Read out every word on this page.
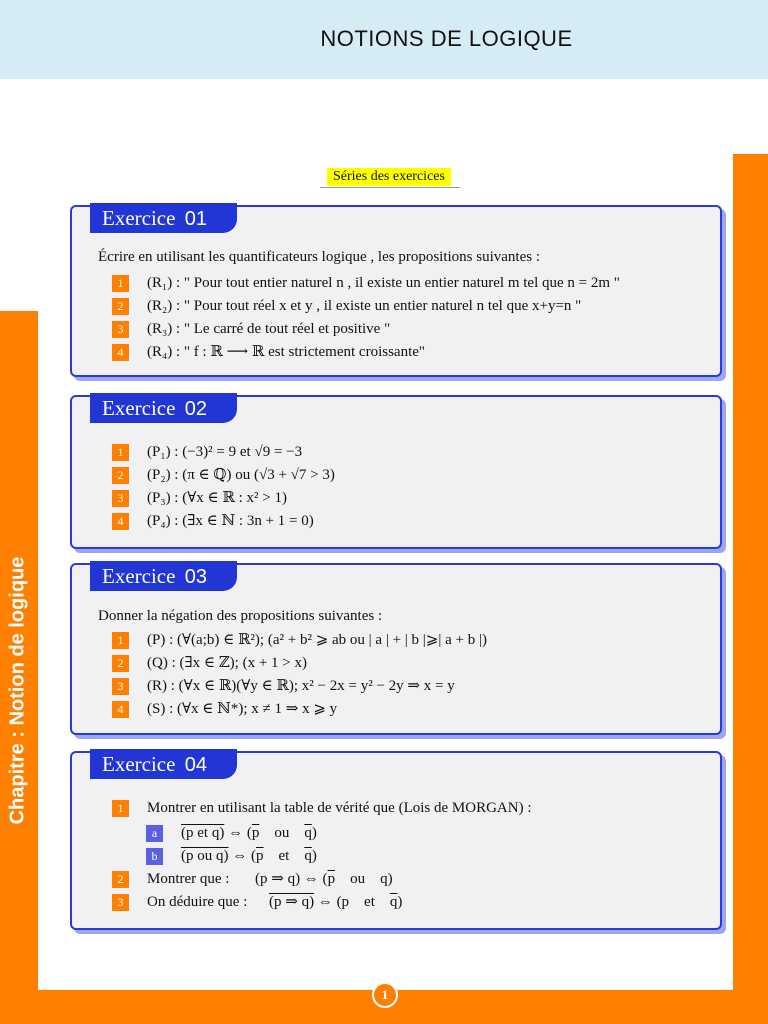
NOTIONS DE LOGIQUE
Chapitre : Notion de logique
Séries des exercices
Exercice 01
Écrire en utilisant les quantificateurs logique , les propositions suivantes :
1 (R₁) : " Pour tout entier naturel n , il existe un entier naturel m tel que n = 2m "
2 (R₂) : " Pour tout réel x et y , il existe un entier naturel n tel que x+y=n "
3 (R₃) : " Le carré de tout réel et positive "
4 (R₄) : " f : ℝ ⟶ ℝ est strictement croissante"
Exercice 02
1 (P₁) : (−3)² = 9 et √9 = −3
2 (P₂) : (π ∈ ℚ) ou (√3 + √7 > 3)
3 (P₃) : (∀x ∈ ℝ : x² > 1)
4 (P₄) : (∃x ∈ ℕ : 3n + 1 = 0)
Exercice 03
Donner la négation des propositions suivantes :
1 (P) : (∀(a;b) ∈ ℝ²); (a² + b² ⩾ ab ou | a | + | b |⩾| a + b |)
2 (Q) : (∃x ∈ ℤ); (x + 1 > x)
3 (R) : (∀x ∈ ℝ)(∀y ∈ ℝ); x² − 2x = y² − 2y ⇒ x = y
4 (S) : (∀x ∈ ℕ*); x ≠ 1 ⇒ x ⩾ y
Exercice 04
1 Montrer en utilisant la table de vérité que (Lois de MORGAN) :
a (p et q) ⇔ ($\overline{p}$    ou    $\overline{q}$)
b (p ou q) ⇔ ($\overline{p}$    et    $\overline{q}$)
2 Montrer que : (p ⇒ q) ⇔ ($\overline{p}$    ou    q)
3 On déduire que : (p ⇒ q) ⇔ (p    et    $\overline{q}$)
1
